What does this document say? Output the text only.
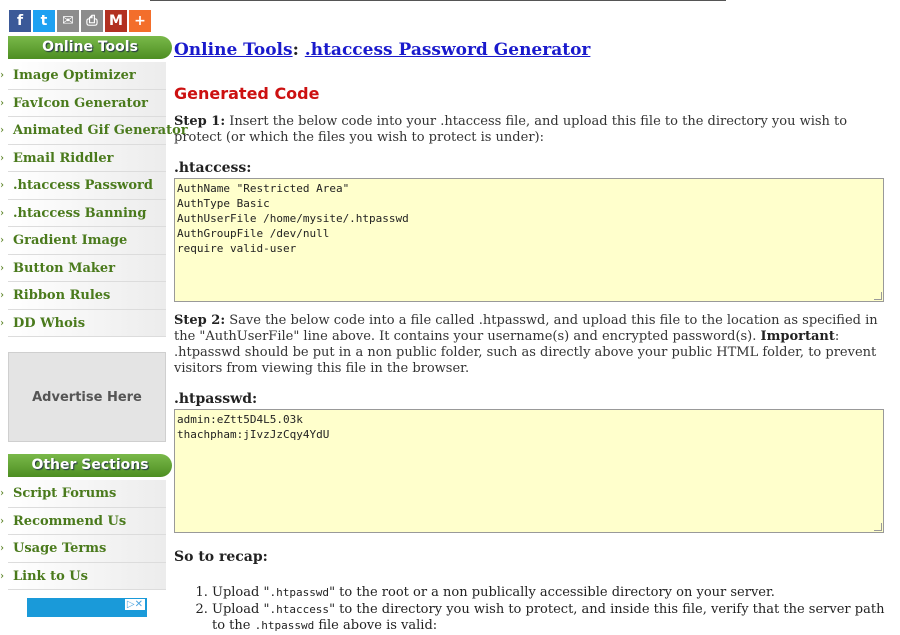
f	t	✉ ⎙ M +
Online Tools
› Image Optimizer
› FavIcon Generator
› Animated Gif Generator
› Email Riddler
› .htaccess Password
› .htaccess Banning
› Gradient Image
› Button Maker
› Ribbon Rules
› DD Whois
Advertise Here
Other Sections
› Script Forums
› Recommend Us
› Usage Terms
› Link to Us
▷✕
Online Tools: .htaccess Password Generator
Generated Code

Step 1: Insert the below code into your .htaccess file, and upload this file to the directory you wish to protect (or which the files you wish to protect is under):

.htaccess:
AuthName "Restricted Area"
AuthType Basic
AuthUserFile /home/mysite/.htpasswd
AuthGroupFile /dev/null
require valid-user

Step 2: Save the below code into a file called .htpasswd, and upload this file to the location as specified in the "AuthUserFile" line above. It contains your username(s) and encrypted password(s). Important: .htpasswd should be put in a non public folder, such as directly above your public HTML folder, to prevent visitors from viewing this file in the browser.

.htpasswd:
admin:eZtt5D4L5.03k
thachpham:jIvzJzCqy4YdU
So to recap:
1. Upload ".htpasswd" to the root or a non publically accessible directory on your server.
2. Upload ".htaccess" to the directory you wish to protect, and inside this file, verify that the server path to the .htpasswd file above is valid:
